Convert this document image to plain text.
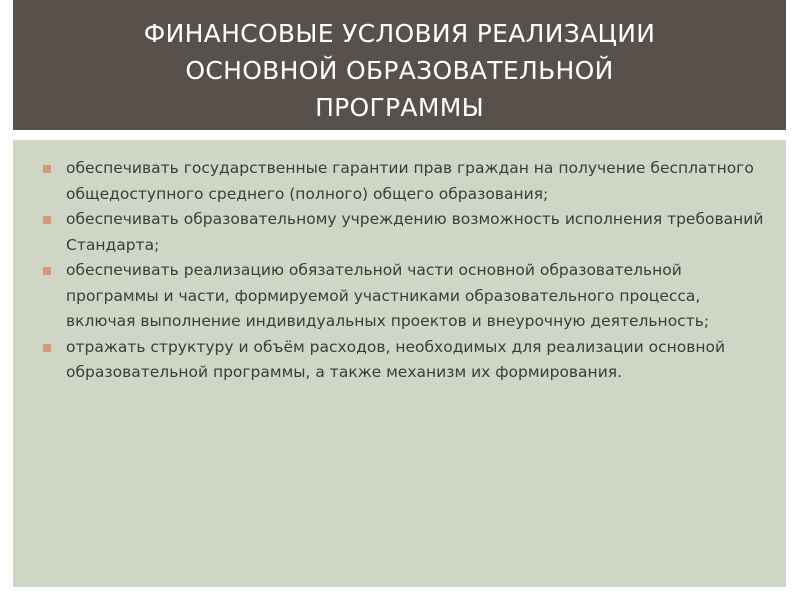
ФИНАНСОВЫЕ УСЛОВИЯ РЕАЛИЗАЦИИ
ОСНОВНОЙ ОБРАЗОВАТЕЛЬНОЙ
ПРОГРАММЫ
обеспечивать государственные гарантии прав граждан на получение бесплатного общедоступного среднего (полного) общего образования;
обеспечивать образовательному учреждению возможность исполнения требований Стандарта;
обеспечивать реализацию обязательной части основной образовательной программы и части, формируемой участниками образовательного процесса, включая выполнение индивидуальных проектов и внеурочную деятельность;
отражать структуру и объём расходов, необходимых для реализации основной образовательной программы, а также механизм их формирования.
